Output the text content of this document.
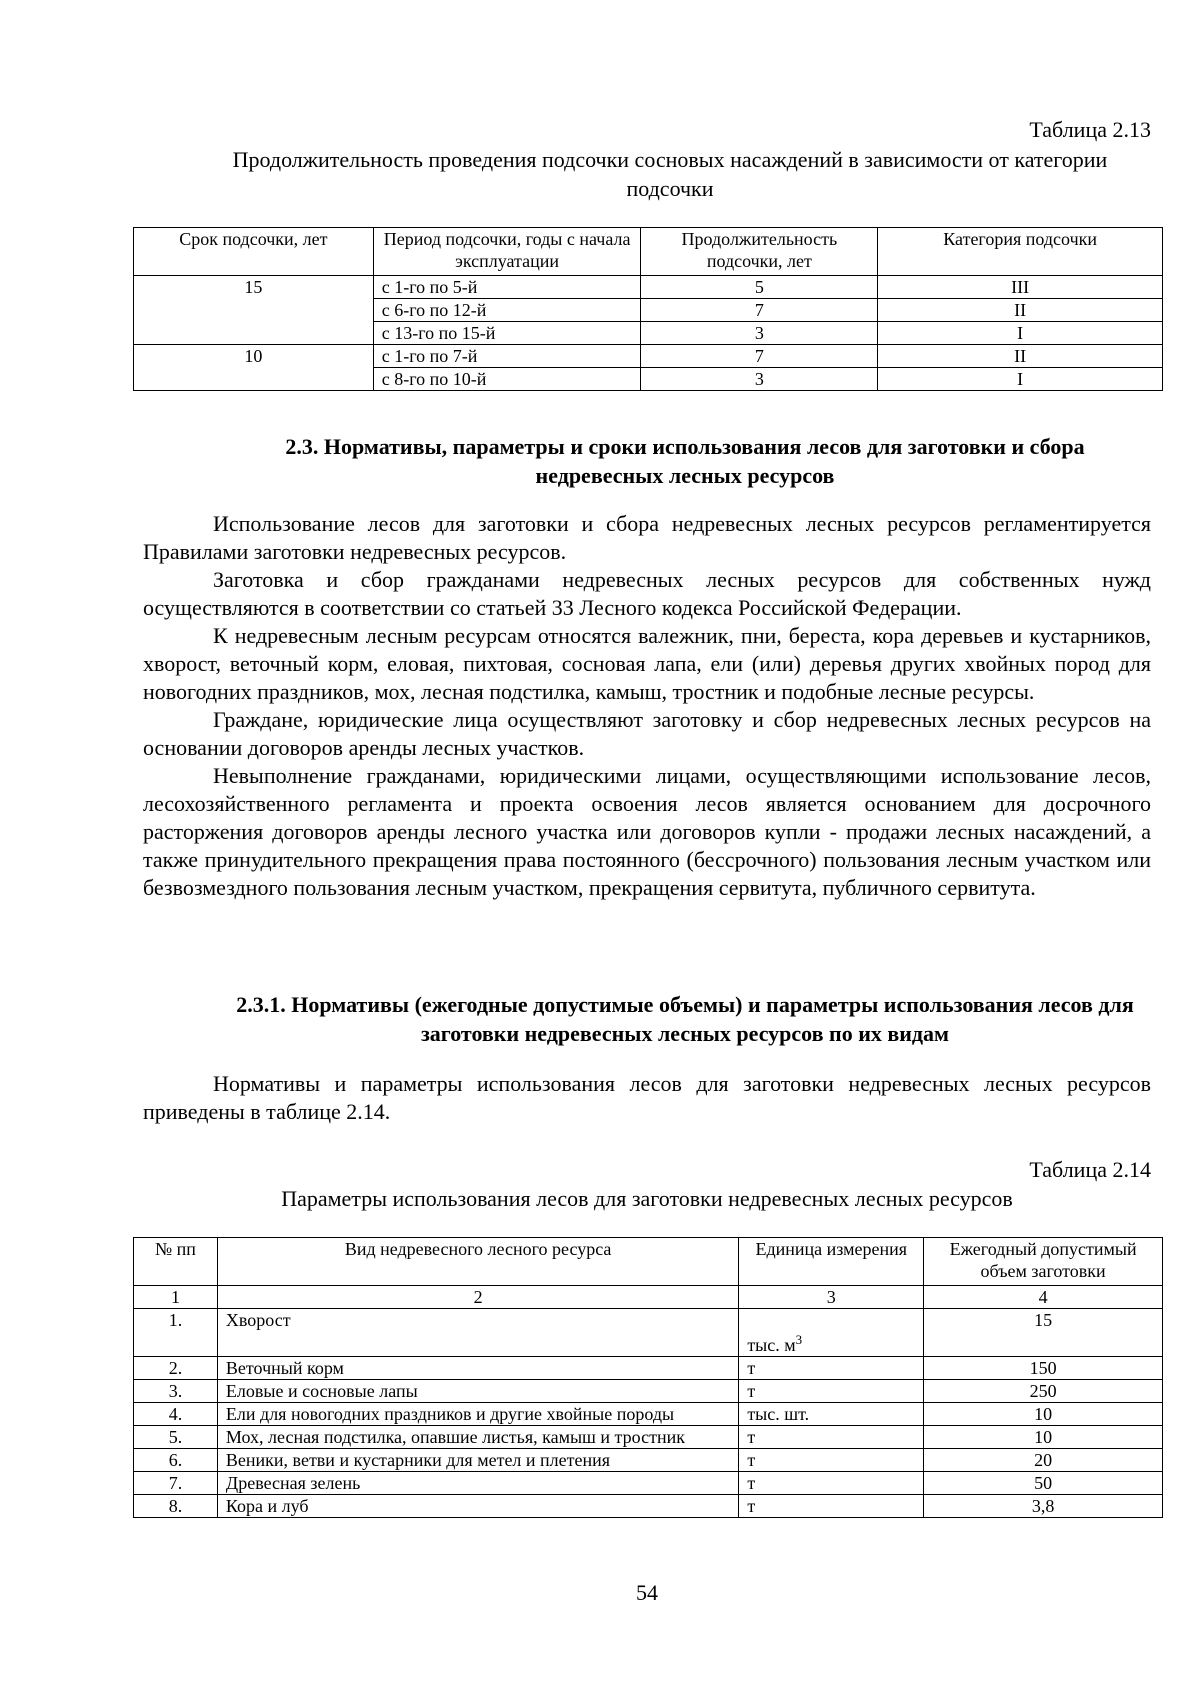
Таблица 2.13
Продолжительность проведения подсочки сосновых насаждений в зависимости от категории подсочки
Срок подсочки, лет	Период подсочки, годы с начала эксплуатации	Продолжительность подсочки, лет	Категория подсочки
15	с 1-го по 5-й	5	III
	с 6-го по 12-й	7	II
	с 13-го по 15-й	3	I
10	с 1-го по 7-й	7	II
	с 8-го по 10-й	3	I
2.3. Нормативы, параметры и сроки использования лесов для заготовки и сбора недревесных лесных ресурсов

Использование лесов для заготовки и сбора недревесных лесных ресурсов регламентируется Правилами заготовки недревесных ресурсов.

Заготовка и сбор гражданами недревесных лесных ресурсов для собственных нужд осуществляются в соответствии со статьей 33 Лесного кодекса Российской Федерации.

К недревесным лесным ресурсам относятся валежник, пни, береста, кора деревьев и кустарников, хворост, веточный корм, еловая, пихтовая, сосновая лапа, ели (или) деревья других хвойных пород для новогодних праздников, мох, лесная подстилка, камыш, тростник и подобные лесные ресурсы.

Граждане, юридические лица осуществляют заготовку и сбор недревесных лесных ресурсов на основании договоров аренды лесных участков.

Невыполнение гражданами, юридическими лицами, осуществляющими использование лесов, лесохозяйственного регламента и проекта освоения лесов является основанием для досрочного расторжения договоров аренды лесного участка или договоров купли - продажи лесных насаждений, а также принудительного прекращения права постоянного (бессрочного) пользования лесным участком или безвозмездного пользования лесным участком, прекращения сервитута, публичного сервитута.

2.3.1. Нормативы (ежегодные допустимые объемы) и параметры использования лесов для заготовки недревесных лесных ресурсов по их видам

Нормативы и параметры использования лесов для заготовки недревесных лесных ресурсов приведены в таблице 2.14.

Таблица 2.14
Параметры использования лесов для заготовки недревесных лесных ресурсов
№ пп	Вид недревесного лесного ресурса	Единица измерения	Ежегодный допустимый объем заготовки
1	2	3	4
1.	Хворост	тыс. $м^3$	15
2.	Веточный корм	т	150
3.	Еловые и сосновые лапы	т	250
4.	Ели для новогодних праздников и другие хвойные породы	тыс. шт.	10
5.	Мох, лесная подстилка, опавшие листья, камыш и тростник	т	10
6.	Веники, ветви и кустарники для метел и плетения	т	20
7.	Древесная зелень	т	50
8.	Кора и луб	т	3,8
54
